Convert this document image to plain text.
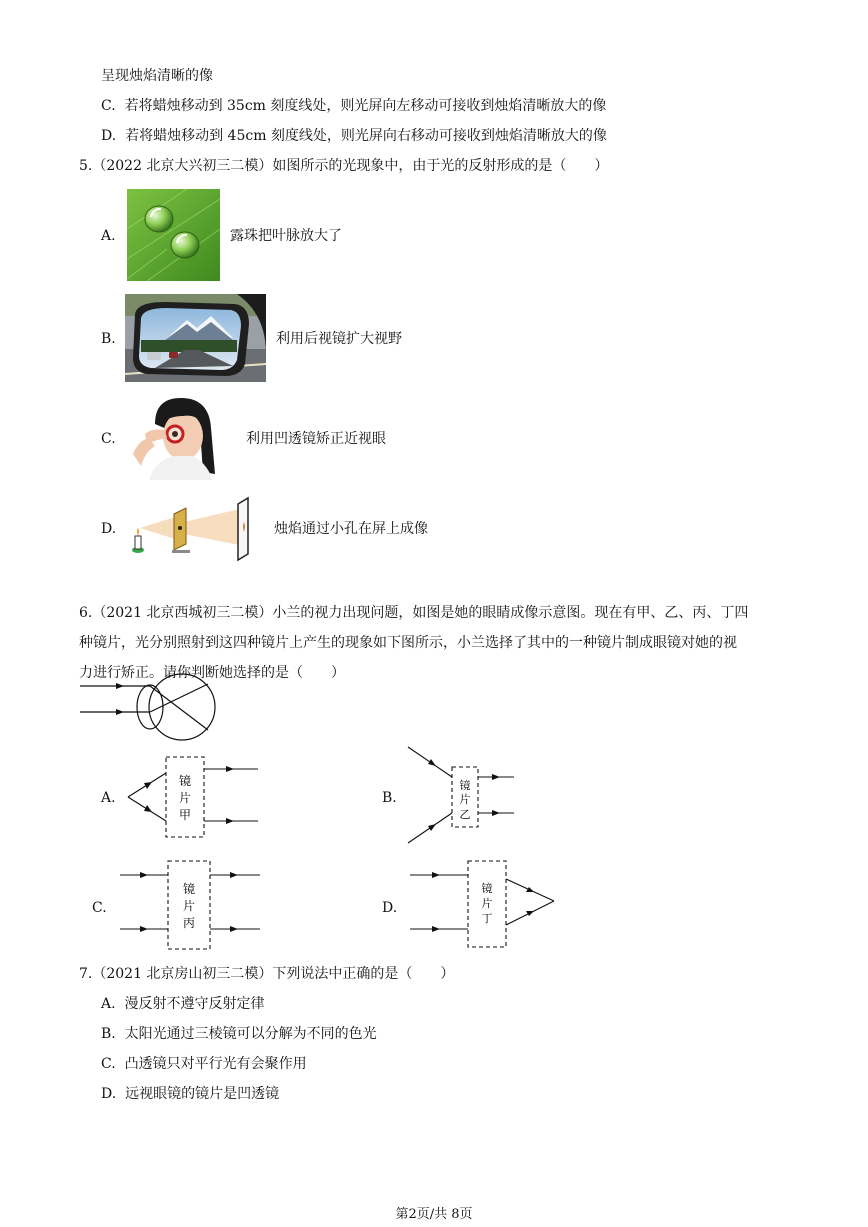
呈现烛焰清晰的像
C. 若将蜡烛移动到 35cm 刻度线处，则光屏向左移动可接收到烛焰清晰放大的像
D. 若将蜡烛移动到 45cm 刻度线处，则光屏向右移动可接收到烛焰清晰放大的像
5.（2022 北京大兴初三二模）如图所示的光现象中，由于光的反射形成的是（　　）
A.	露珠把叶脉放大了
B.	利用后视镜扩大视野
C.	利用凹透镜矫正近视眼
D.	烛焰通过小孔在屏上成像
6.（2021 北京西城初三二模）小兰的视力出现问题，如图是她的眼睛成像示意图。现在有甲、乙、丙、丁四
种镜片，光分别照射到这四种镜片上产生的现象如下图所示，小兰选择了其中的一种镜片制成眼镜对她的视
力进行矫正。请你判断她选择的是（　　）
A.
镜
片
甲
B.
镜
片
乙
C.
镜
片
丙
D.
镜
片
丁
7.（2021 北京房山初三二模）下列说法中正确的是（　　）
A. 漫反射不遵守反射定律
B. 太阳光通过三棱镜可以分解为不同的色光
C. 凸透镜只对平行光有会聚作用
D. 远视眼镜的镜片是凹透镜
第2页/共 8页
